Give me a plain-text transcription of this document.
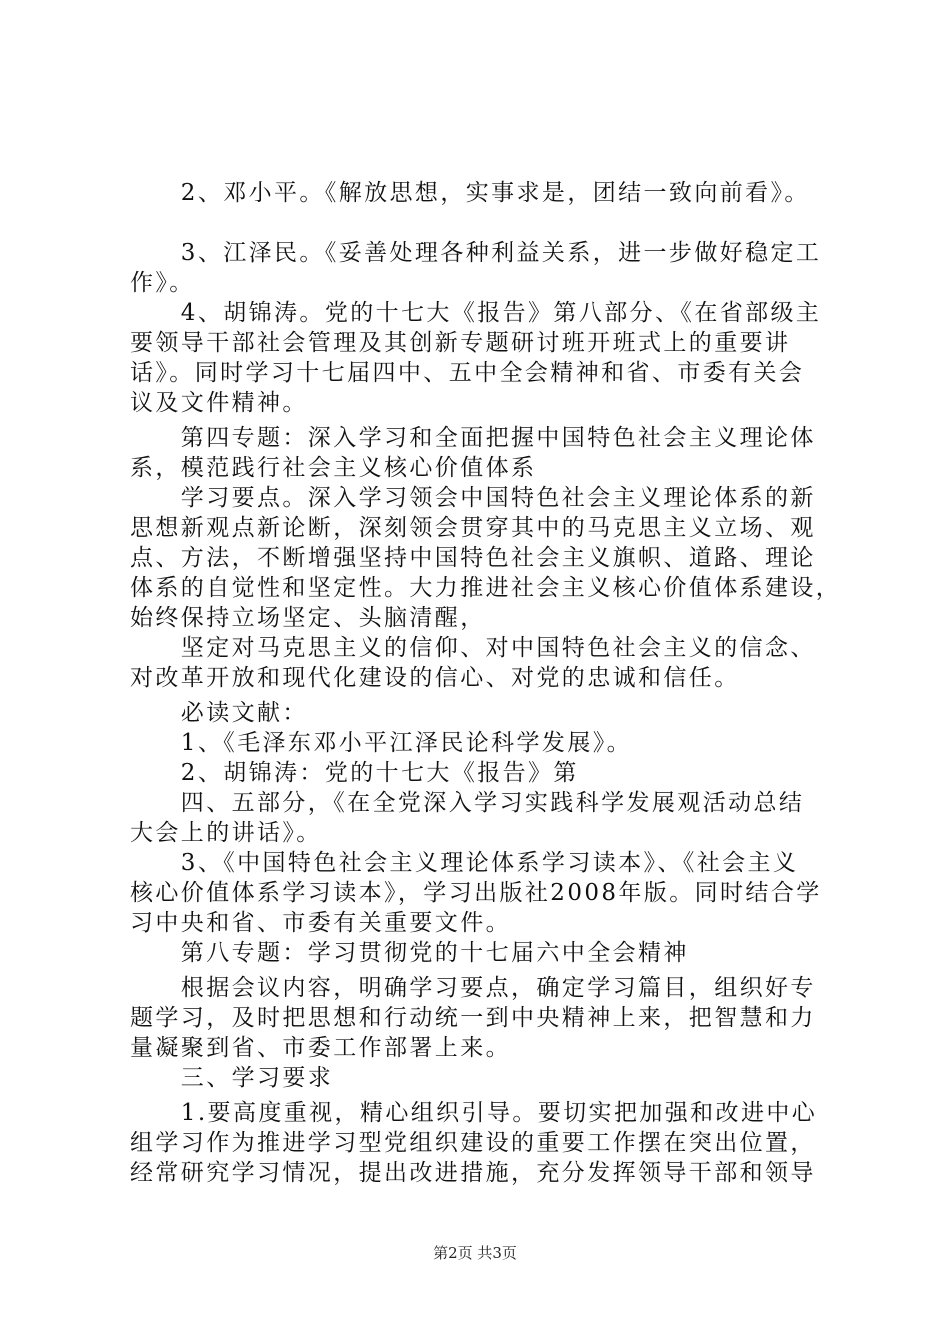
　　2、邓小平。《解放思想，实事求是，团结一致向前看》。
　　3、江泽民。《妥善处理各种利益关系，进一步做好稳定工
作》。
　　4、胡锦涛。党的十七大《报告》第八部分、《在省部级主
要领导干部社会管理及其创新专题研讨班开班式上的重要讲
话》。同时学习十七届四中、五中全会精神和省、市委有关会
议及文件精神。
　　第四专题：深入学习和全面把握中国特色社会主义理论体
系，模范践行社会主义核心价值体系
　　学习要点。深入学习领会中国特色社会主义理论体系的新
思想新观点新论断，深刻领会贯穿其中的马克思主义立场、观
点、方法，不断增强坚持中国特色社会主义旗帜、道路、理论
体系的自觉性和坚定性。大力推进社会主义核心价值体系建设，
始终保持立场坚定、头脑清醒，
　　坚定对马克思主义的信仰、对中国特色社会主义的信念、
对改革开放和现代化建设的信心、对党的忠诚和信任。
　　必读文献：
　　1、《毛泽东邓小平江泽民论科学发展》。
　　2、胡锦涛：党的十七大《报告》第
　　四、五部分，《在全党深入学习实践科学发展观活动总结
大会上的讲话》。
　　3、《中国特色社会主义理论体系学习读本》、《社会主义
核心价值体系学习读本》，学习出版社2008年版。同时结合学
习中央和省、市委有关重要文件。
　　第八专题：学习贯彻党的十七届六中全会精神
　　根据会议内容，明确学习要点，确定学习篇目，组织好专
题学习，及时把思想和行动统一到中央精神上来，把智慧和力
量凝聚到省、市委工作部署上来。
　　三、学习要求
　　1.要高度重视，精心组织引导。要切实把加强和改进中心
组学习作为推进学习型党组织建设的重要工作摆在突出位置，
经常研究学习情况，提出改进措施，充分发挥领导干部和领导
第2页 共3页
